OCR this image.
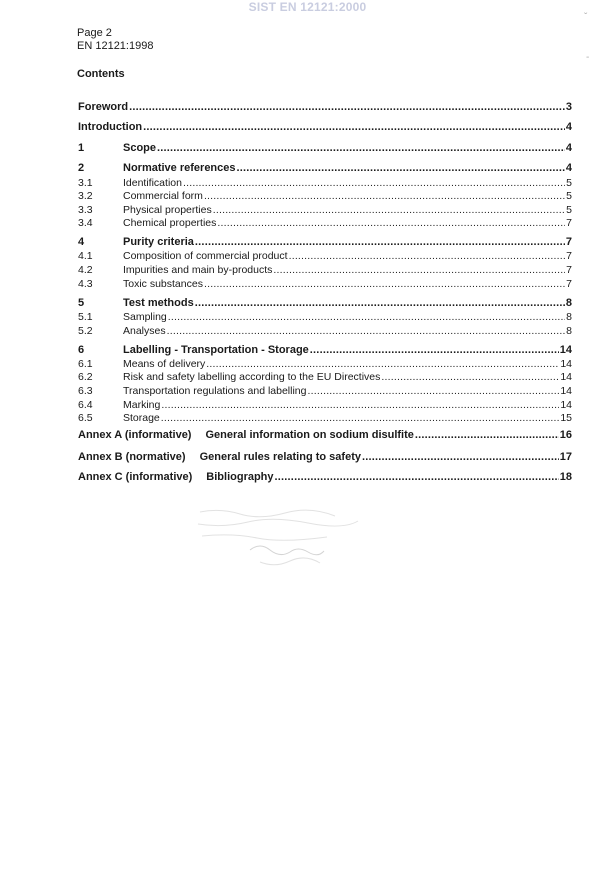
SIST EN 12121:2000
Page 2
EN 12121:1998
Contents
Foreword .....	3
Introduction .....	4
1	Scope .....	4
2	Normative references .....	4
3.1	Identification .....	5
3.2	Commercial form .....	5
3.3	Physical properties .....	5
3.4	Chemical properties .....	7
4	Purity criteria .....	7
4.1	Composition of commercial product .....	7
4.2	Impurities and main by-products .....	7
4.3	Toxic substances .....	7
5	Test methods .....	8
5.1	Sampling .....	8
5.2	Analyses .....	8
6	Labelling - Transportation - Storage .....	14
6.1	Means of delivery .....	14
6.2	Risk and safety labelling according to the EU Directives .....	14
6.3	Transportation regulations and labelling .....	14
6.4	Marking .....	14
6.5	Storage .....	15
Annex A (informative) General information on sodium disulfite .....	16
Annex B (normative) General rules relating to safety .....	17
Annex C (informative) Bibliography .....	18
ˇ
-
